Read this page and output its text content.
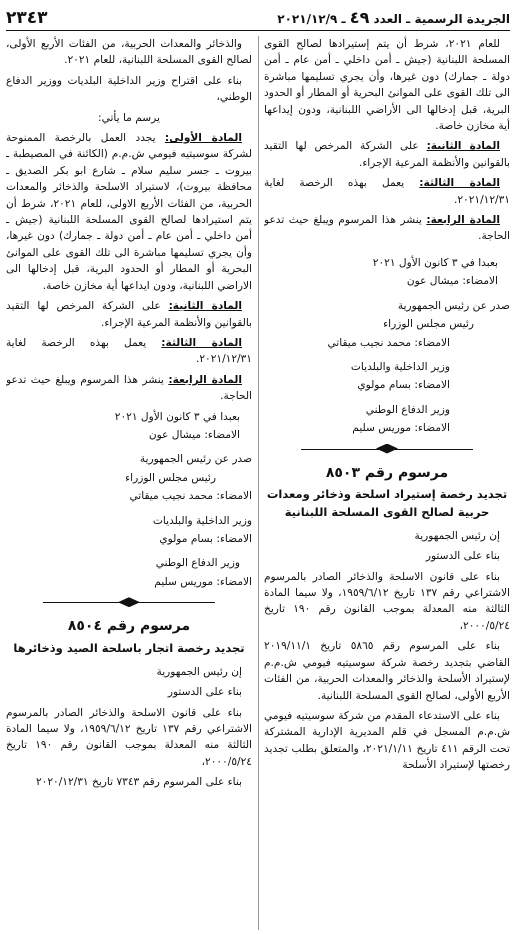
٢٣٤٣	الجريدة الرسمية ـ العدد ٤٩ ـ ٢٠٢١/١٢/٩

للعام ٢٠٢١، شرط أن يتم إستيرادها لصالح القوى المسلحة اللبنانية (جيش ـ أمن داخلي ـ أمن عام ـ أمن دولة ـ جمارك) دون غيرها، وأن يجري تسليمها مباشرة الى تلك القوى على الموانئ البحرية أو المطار أو الحدود البرية، قبل إدخالها الى الأراضي اللبنانية، ودون إيداعها أية مخازن خاصة.

المادة الثانية: على الشركة المرخص لها التقيد بالقوانين والأنظمة المرعية الإجراء.

المادة الثالثة: يعمل بهذه الرخصة لغاية ٢٠٢١/١٢/٣١.

المادة الرابعة: ينشر هذا المرسوم ويبلغ حيث تدعو الحاجة.

بعبدا في ٣ كانون الأول ٢٠٢١

الامضاء: ميشال عون

صدر عن رئيس الجمهورية

رئيس مجلس الوزراء

الامضاء: محمد نجيب ميقاتي

وزير الداخلية والبلديات

الامضاء: بسام مولوي

وزير الدفاع الوطني

الامضاء: موريس سليم

مرسوم رقم ٨٥٠٣

تجديد رخصة إستيراد اسلحة وذخائر ومعدات حربية لصالح القوى المسلحة اللبنانية

إن رئيس الجمهورية

بناء على الدستور

بناء على قانون الاسلحة والذخائر الصادر بالمرسوم الاشتراعي رقم ١٣٧ تاريخ ١٩٥٩/٦/١٢، ولا سيما المادة الثالثة منه المعدلة بموجب القانون رقم ١٩٠ تاريخ ٢٠٠٠/٥/٢٤،

بناء على المرسوم رقم ٥٨٦٥ تاريخ ٢٠١٩/١١/١ القاضي بتجديد رخصة شركة سوسيتيه فيومي ش.م.م لإستيراد الأسلحة والذخائر والمعدات الحربية، من الفئات الأربع الأولى، لصالح القوى المسلحة اللبنانية.

بناء على الاستدعاء المقدم من شركة سوسيتيه فيومي ش.م.م المسجل في قلم المديرية الإدارية المشتركة تحت الرقم ٤١١ تاريخ ٢٠٢١/١/١١، والمتعلق بطلب تجديد رخصتها لإستيراد الأسلحة

والذخائر والمعدات الحربية، من الفئات الأربع الأولى، لصالح القوى المسلحة اللبنانية، للعام ٢٠٢١.

بناء على اقتراح وزير الداخلية البلديات ووزير الدفاع الوطني،

يرسم ما يأتي:

المادة الأولى: يجدد العمل بالرخصة الممنوحة لشركة سوسيتيه فيومي ش.م.م (الكائنة في المصيطبة ـ بيروت ـ جسر سليم سلام ـ شارع ابو بكر الصديق ـ محافظة بيروت)، لاستيراد الاسلحة والذخائر والمعدات الحربية، من الفئات الأربع الاولى، للعام ٢٠٢١، شرط أن يتم استيرادها لصالح القوى المسلحة اللبنانية (جيش ـ أمن داخلي ـ أمن عام ـ أمن دولة ـ جمارك) دون غيرها، وأن يجري تسليمها مباشرة الى تلك القوى على الموانئ البحرية أو المطار أو الحدود البرية، قبل إدخالها الى الاراضي اللبنانية، ودون ايداعها أية مخازن خاصة.

المادة الثانية: على الشركة المرخص لها التقيد بالقوانين والأنظمة المرعية الإجراء.

المادة الثالثة: يعمل بهذه الرخصة لغاية ٢٠٢١/١٢/٣١.

المادة الرابعة: ينشر هذا المرسوم ويبلغ حيث تدعو الحاجة.

بعبدا في ٣ كانون الأول ٢٠٢١

الامضاء: ميشال عون

صدر عن رئيس الجمهورية

رئيس مجلس الوزراء

الامضاء: محمد نجيب ميقاتي

وزير الداخلية والبلديات

الامضاء: بسام مولوي

وزير الدفاع الوطني

الامضاء: موريس سليم

مرسوم رقم ٨٥٠٤

تجديد رخصة اتجار باسلحة الصيد وذخائرها

إن رئيس الجمهورية

بناء على الدستور

بناء على قانون الاسلحة والذخائر الصادر بالمرسوم الاشتراعي رقم ١٣٧ تاريخ ١٩٥٩/٦/١٢، ولا سيما المادة الثالثة منه المعدلة بموجب القانون رقم ١٩٠ تاريخ ٢٠٠٠/٥/٢٤،

بناء على المرسوم رقم ٧٣٤٣ تاريخ ٢٠٢٠/١٢/٣١
